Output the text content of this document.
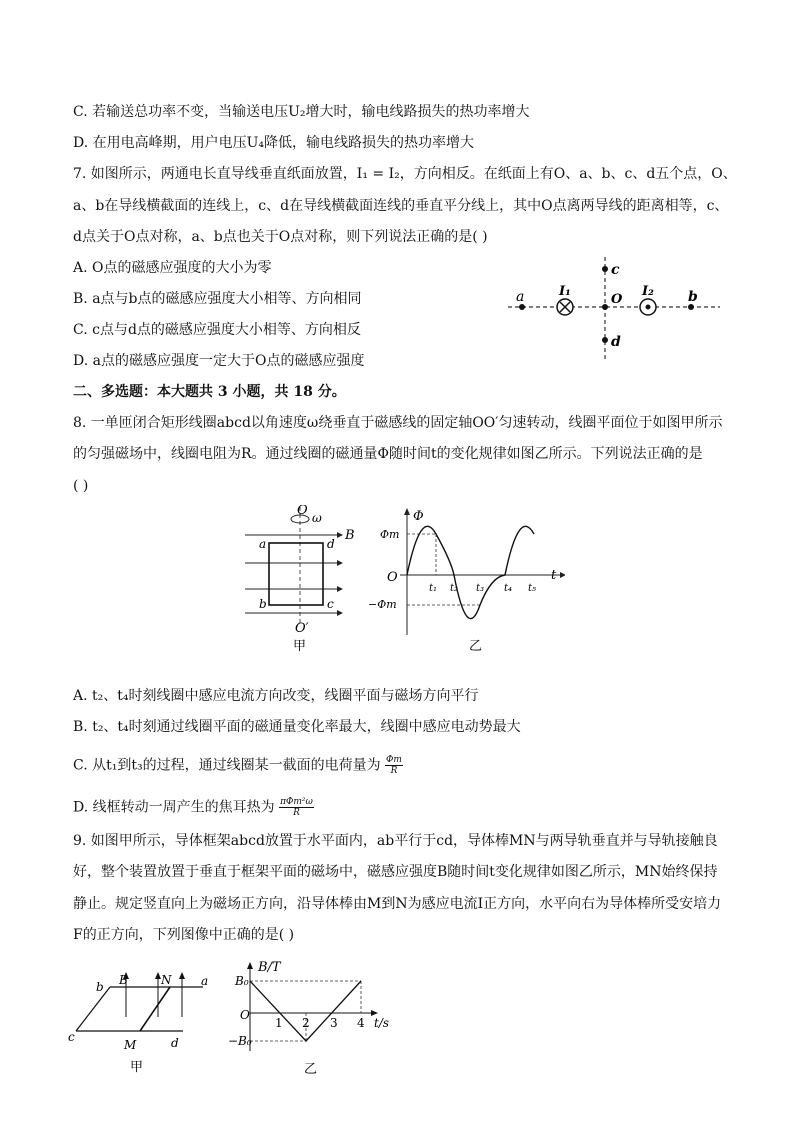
C. 若输送总功率不变，当输送电压U₂增大时，输电线路损失的热功率增大
D. 在用电高峰期，用户电压U₄降低，输电线路损失的热功率增大
7. 如图所示，两通电长直导线垂直纸面放置，I₁ = I₂，方向相反。在纸面上有O、a、b、c、d五个点，O、
a、b在导线横截面的连线上，c、d在导线横截面连线的垂直平分线上，其中O点离两导线的距离相等，c、
d点关于O点对称，a、b点也关于O点对称，则下列说法正确的是( )
A. O点的磁感应强度的大小为零
B. a点与b点的磁感应强度大小相等、方向相同
C. c点与d点的磁感应强度大小相等、方向相反
D. a点的磁感应强度一定大于O点的磁感应强度
二、多选题：本大题共 3 小题，共 18 分。
8. 一单匝闭合矩形线圈abcd以角速度ω绕垂直于磁感线的固定轴OO′匀速转动，线圈平面位于如图甲所示
的匀强磁场中，线圈电阻为R。通过线圈的磁通量Φ随时间t的变化规律如图乙所示。下列说法正确的是
( )
a	I₁
O
I₂ b
c
d
O ω
B
a	d
b	c
O′
甲
Φ
O	t
Φm
−Φm
t₁ t₂ t₃ t₄ t₅
乙
A. t₂、t₄时刻线圈中感应电流方向改变，线圈平面与磁场方向平行
B. t₂、t₄时刻通过线圈平面的磁通量变化率最大，线圈中感应电动势最大
C. 从t₁到t₃的过程，通过线圈某一截面的电荷量为 $\frac{\Phi m}{R}$
D. 线框转动一周产生的焦耳热为 πΦm²ω
R
9. 如图甲所示，导体框架abcd放置于水平面内，ab平行于cd，导体棒MN与两导轨垂直并与导轨接触良
好，整个装置放置于垂直于框架平面的磁场中，磁感应强度B随时间t变化规律如图乙所示，MN始终保持
静止。规定竖直向上为磁场正方向，沿导体棒由M到N为感应电流I正方向，水平向右为导体棒所受安培力
F的正方向，下列图像中正确的是( )
b B	N a
c
M	d
甲
B/T
B₀
O
−B₀
1 2 3 4 t/s
乙
